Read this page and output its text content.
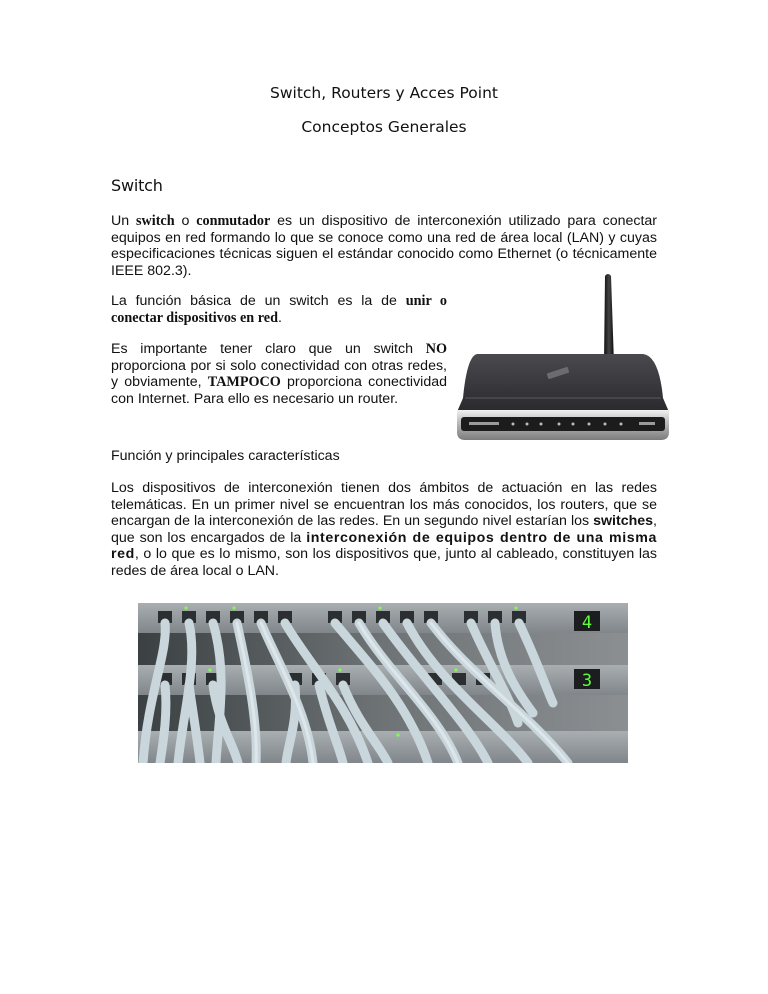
Switch, Routers y Acces Point
Conceptos Generales
Switch
Un switch o conmutador es un dispositivo de interconexión utilizado para conectar equipos en red formando lo que se conoce como una red de área local (LAN) y cuyas especificaciones técnicas siguen el estándar conocido como Ethernet (o técnicamente IEEE 802.3).
La función básica de un switch es la de unir o conectar dispositivos en red.
Es importante tener claro que un switch NO proporciona por si solo conectividad con otras redes, y obviamente, TAMPOCO proporciona conectividad con Internet. Para ello es necesario un router.
Función y principales características
Los dispositivos de interconexión tienen dos ámbitos de actuación en las redes telemáticas. En un primer nivel se encuentran los más conocidos, los routers, que se encargan de la interconexión de las redes. En un segundo nivel estarían los switches, que son los encargados de la interconexión de equipos dentro de una misma red, o lo que es lo mismo, son los dispositivos que, junto al cableado, constituyen las redes de área local o LAN.
4
3
